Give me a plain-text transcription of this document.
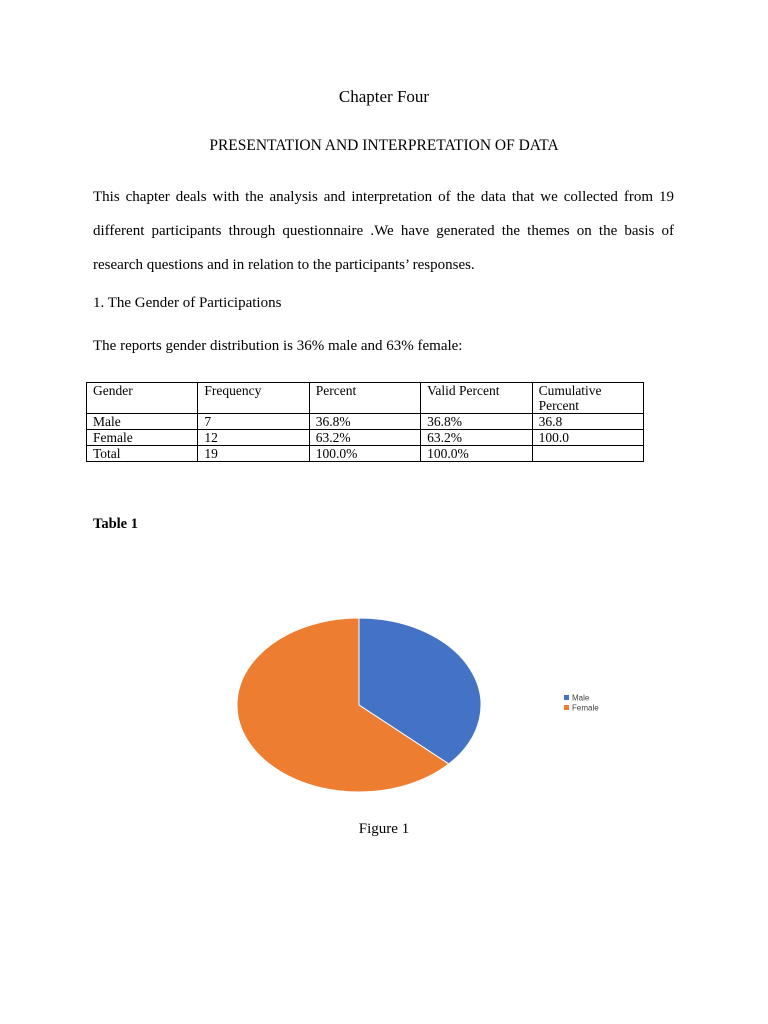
Chapter Four
PRESENTATION AND INTERPRETATION OF DATA

This chapter deals with the analysis and interpretation of the data that we collected from 19 different participants through questionnaire .We have generated the themes on the basis of research questions and in relation to the participants’ responses.

1. The Gender of Participations
The reports gender distribution is 36% male and 63% female:
Gender	Frequency	Percent	Valid Percent	Cumulative Percent
Male	7	36.8%	36.8%	36.8
Female	12	63.2%	63.2%	100.0
Total	19	100.0%	100.0%	
Table 1
Male
Female
Figure 1
